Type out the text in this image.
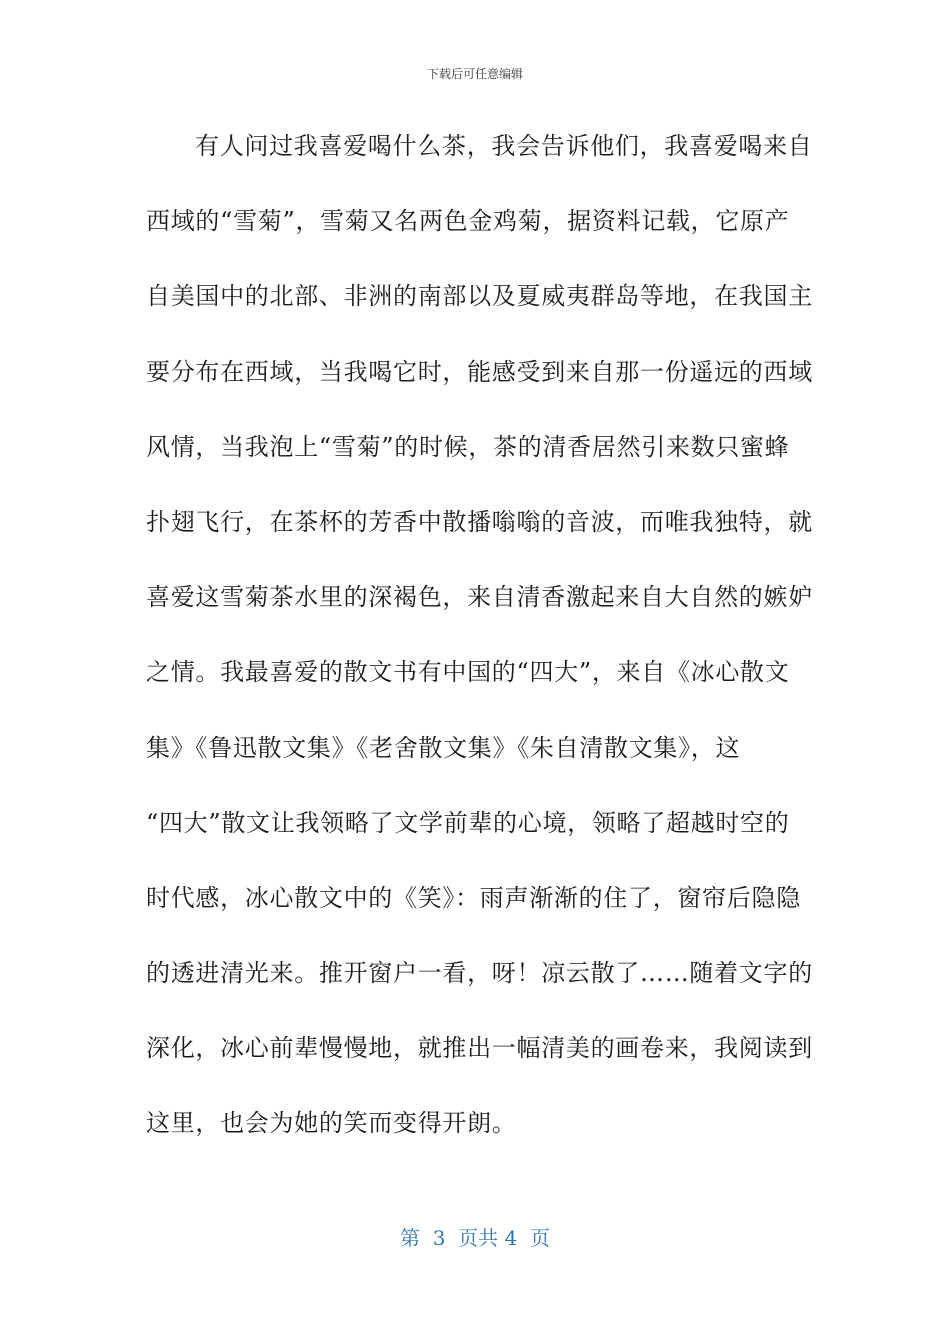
下载后可任意编辑
有人问过我喜爱喝什么茶，我会告诉他们，我喜爱喝来自
西域的“雪菊”，雪菊又名两色金鸡菊，据资料记载，它原产
自美国中的北部、非洲的南部以及夏威夷群岛等地，在我国主
要分布在西域，当我喝它时，能感受到来自那一份遥远的西域
风情，当我泡上“雪菊”的时候，茶的清香居然引来数只蜜蜂
扑翅飞行，在茶杯的芳香中散播嗡嗡的音波，而唯我独特，就
喜爱这雪菊茶水里的深褐色，来自清香激起来自大自然的嫉妒
之情。我最喜爱的散文书有中国的“四大”，来自《冰心散文
集》《鲁迅散文集》《老舍散文集》《朱自清散文集》，这
“四大”散文让我领略了文学前辈的心境，领略了超越时空的
时代感，冰心散文中的《笑》：雨声渐渐的住了，窗帘后隐隐
的透进清光来。推开窗户一看，呀！凉云散了……随着文字的
深化，冰心前辈慢慢地，就推出一幅清美的画卷来，我阅读到
这里，也会为她的笑而变得开朗。
第  3  页共 4  页
